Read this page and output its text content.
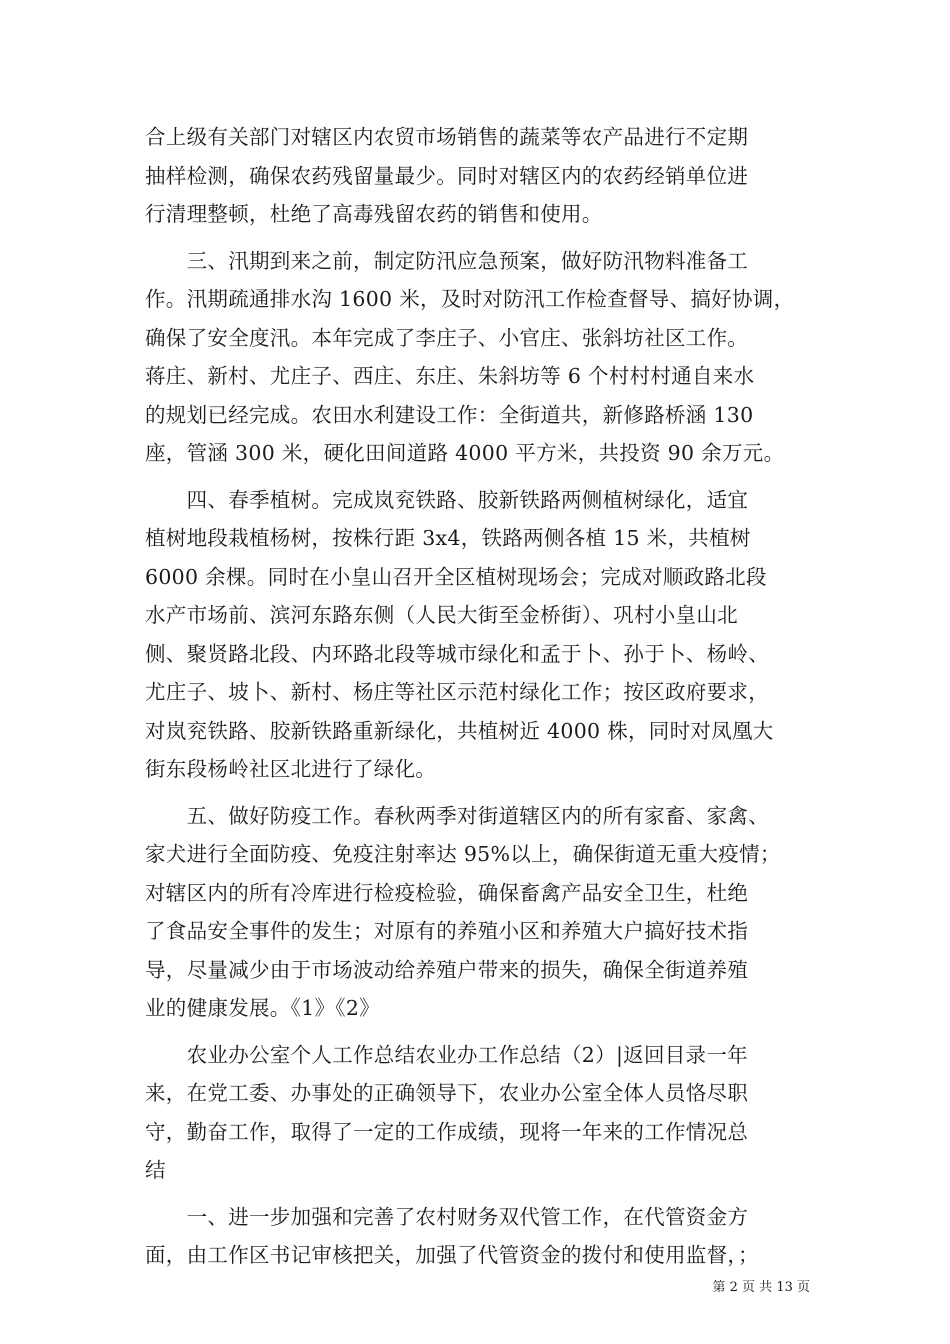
合上级有关部门对辖区内农贸市场销售的蔬菜等农产品进行不定期
抽样检测，确保农药残留量最少。同时对辖区内的农药经销单位进
行清理整顿，杜绝了高毒残留农药的销售和使用。
　　三、汛期到来之前，制定防汛应急预案，做好防汛物料准备工
作。汛期疏通排水沟 1600 米，及时对防汛工作检查督导、搞好协调，
确保了安全度汛。本年完成了李庄子、小官庄、张斜坊社区工作。
蒋庄、新村、尤庄子、西庄、东庄、朱斜坊等 6 个村村村通自来水
的规划已经完成。农田水利建设工作：全街道共，新修路桥涵 130
座，管涵 300 米，硬化田间道路 4000 平方米，共投资 90 余万元。
　　四、春季植树。完成岚兖铁路、胶新铁路两侧植树绿化，适宜
植树地段栽植杨树，按株行距 3x4，铁路两侧各植 15 米，共植树
6000 余棵。同时在小皇山召开全区植树现场会；完成对顺政路北段
水产市场前、滨河东路东侧（人民大街至金桥街）、巩村小皇山北
侧、聚贤路北段、内环路北段等城市绿化和孟于卜、孙于卜、杨岭、
尤庄子、坡卜、新村、杨庄等社区示范村绿化工作；按区政府要求，
对岚兖铁路、胶新铁路重新绿化，共植树近 4000 株，同时对凤凰大
街东段杨岭社区北进行了绿化。
　　五、做好防疫工作。春秋两季对街道辖区内的所有家畜、家禽、
家犬进行全面防疫、免疫注射率达 95%以上，确保街道无重大疫情；
对辖区内的所有冷库进行检疫检验，确保畜禽产品安全卫生，杜绝
了食品安全事件的发生；对原有的养殖小区和养殖大户搞好技术指
导，尽量减少由于市场波动给养殖户带来的损失，确保全街道养殖
业的健康发展。《1》《2》
　　农业办公室个人工作总结农业办工作总结（2）|返回目录一年
来，在党工委、办事处的正确领导下，农业办公室全体人员恪尽职
守，勤奋工作，取得了一定的工作成绩，现将一年来的工作情况总
结
　　一、进一步加强和完善了农村财务双代管工作，在代管资金方
面，由工作区书记审核把关，加强了代管资金的拨付和使用监督，；
第 2 页 共 13 页
